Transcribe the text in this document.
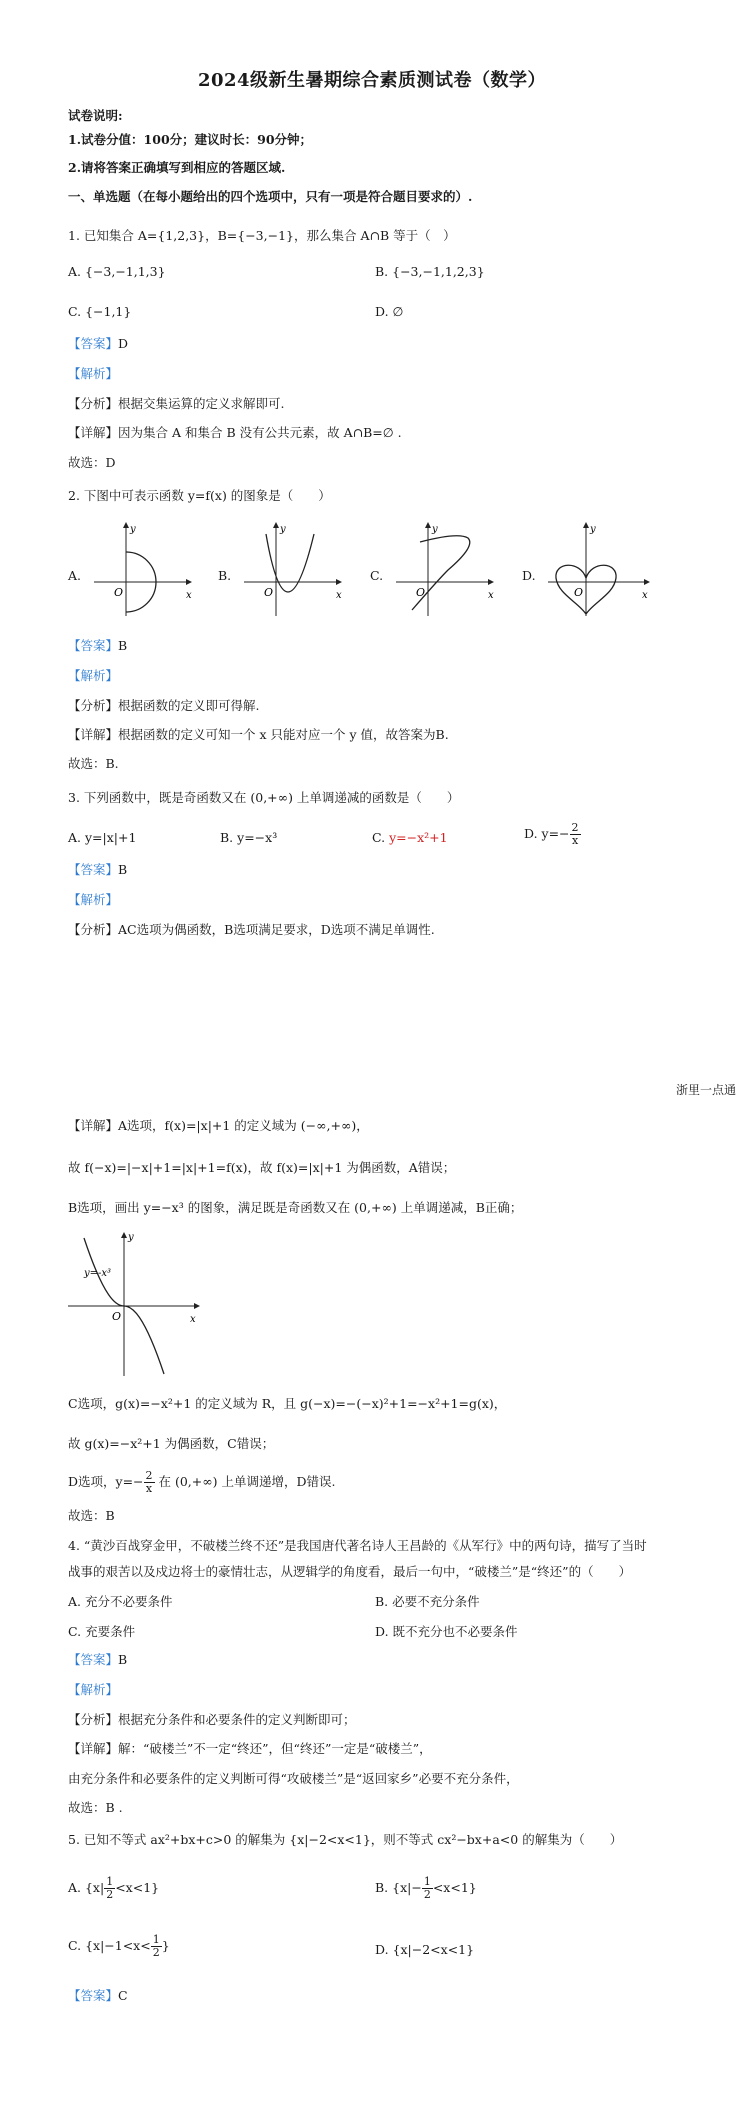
2024级新生暑期综合素质测试卷（数学）
试卷说明:
1.试卷分值：100分；建议时长：90分钟；
2.请将答案正确填写到相应的答题区域.
一、单选题（在每小题给出的四个选项中，只有一项是符合题目要求的）.
1. 已知集合 A={1,2,3}，B={−3,−1}，那么集合 A∩B 等于（　）
A. {−3,−1,1,3}	B. {−3,−1,1,2,3}
C. {−1,1}	D. ∅
【答案】D
【解析】
【分析】根据交集运算的定义求解即可.
【详解】因为集合 A 和集合 B 没有公共元素，故 A∩B=∅ .
故选：D
2. 下图中可表示函数 y=f(x) 的图象是（　　）
A.
O	x
y
B.
O	x
y
C.
O	x
y
D.
O	x
y
【答案】B
【解析】
【分析】根据函数的定义即可得解.
【详解】根据函数的定义可知一个 x 只能对应一个 y 值，故答案为B.
故选：B.
3. 下列函数中，既是奇函数又在 (0,+∞) 上单调递减的函数是（　　）
A. y=|x|+1	B. y=−x³	C. y=−x²+1	D. $y=- \frac{2}{x}$
【答案】B
【解析】
【分析】AC选项为偶函数，B选项满足要求，D选项不满足单调性.
浙里一点通
【详解】A选项，f(x)=|x|+1 的定义域为 (−∞,+∞)，
故 f(−x)=|−x|+1=|x|+1=f(x)，故 f(x)=|x|+1 为偶函数，A错误；
B选项，画出 y=−x³ 的图象，满足既是奇函数又在 (0,+∞) 上单调递减，B正确；
y=-x³
O	x
y
C选项，g(x)=−x²+1 的定义域为 R，且 g(−x)=−(−x)²+1=−x²+1=g(x)，
故 g(x)=−x²+1 为偶函数，C错误；
D选项，$y=- \frac{2}{x}$ 在 (0,+∞) 上单调递增，D错误.
故选：B
4. “黄沙百战穿金甲，不破楼兰终不还”是我国唐代著名诗人王昌龄的《从军行》中的两句诗，描写了当时
战事的艰苦以及戍边将士的豪情壮志，从逻辑学的角度看，最后一句中，“破楼兰”是“终还”的（　　）
A. 充分不必要条件	B. 必要不充分条件
C. 充要条件	D. 既不充分也不必要条件
【答案】B
【解析】
【分析】根据充分条件和必要条件的定义判断即可；
【详解】解：“破楼兰”不一定“终还”，但“终还”一定是“破楼兰”，
由充分条件和必要条件的定义判断可得“攻破楼兰”是“返回家乡”必要不充分条件，
故选：B .
5. 已知不等式 ax²+bx+c>0 的解集为 {x|−2<x<1}，则不等式 cx²−bx+a<0 的解集为（　　）
A. $\{x| \frac{1}{2} <x<1\}$	B. $\{x|- \frac{1}{2} <x<1\}$
C. {$x|-1<x< \frac{1}{2}$ }	D. {x|−2<x<1}
【答案】C
